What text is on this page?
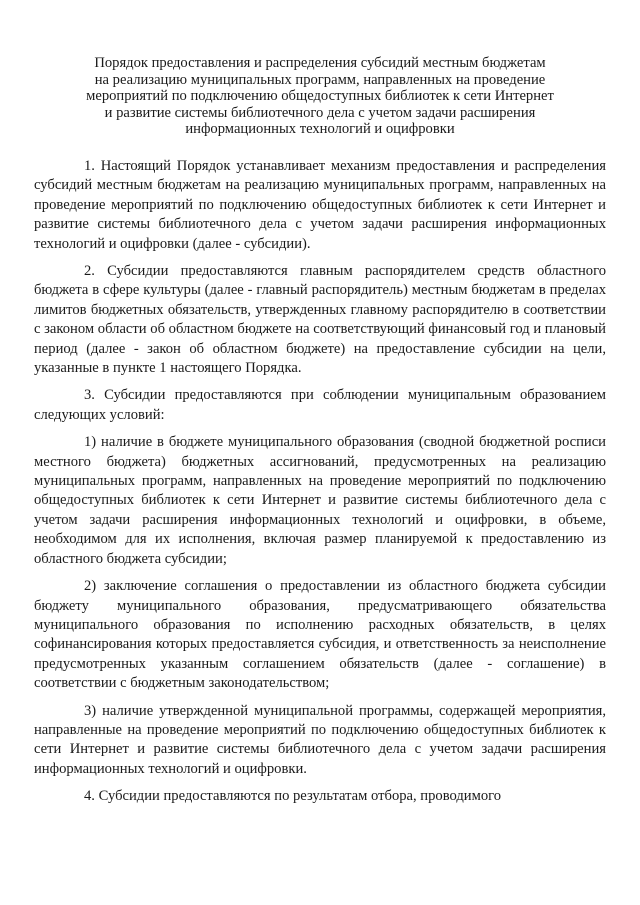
Порядок предоставления и распределения субсидий местным бюджетам
на реализацию муниципальных программ, направленных на проведение
мероприятий по подключению общедоступных библиотек к сети Интернет
и развитие системы библиотечного дела с учетом задачи расширения
информационных технологий и оцифровки

1. Настоящий Порядок устанавливает механизм предоставления и распределения субсидий местным бюджетам на реализацию муниципальных программ, направленных на проведение мероприятий по подключению общедоступных библиотек к сети Интернет и развитие системы библиотечного дела с учетом задачи расширения информационных технологий и оцифровки (далее - субсидии).

2. Субсидии предоставляются главным распорядителем средств областного бюджета в сфере культуры (далее - главный распорядитель) местным бюджетам в пределах лимитов бюджетных обязательств, утвержденных главному распорядителю в соответствии с законом области об областном бюджете на соответствующий финансовый год и плановый период (далее - закон об областном бюджете) на предоставление субсидии на цели, указанные в пункте 1 настоящего Порядка.

3. Субсидии предоставляются при соблюдении муниципальным образованием следующих условий:

1) наличие в бюджете муниципального образования (сводной бюджетной росписи местного бюджета) бюджетных ассигнований, предусмотренных на реализацию муниципальных программ, направленных на проведение мероприятий по подключению общедоступных библиотек к сети Интернет и развитие системы библиотечного дела с учетом задачи расширения информационных технологий и оцифровки, в объеме, необходимом для их исполнения, включая размер планируемой к предоставлению из областного бюджета субсидии;

2) заключение соглашения о предоставлении из областного бюджета субсидии бюджету муниципального образования, предусматривающего обязательства муниципального образования по исполнению расходных обязательств, в целях софинансирования которых предоставляется субсидия, и ответственность за неисполнение предусмотренных указанным соглашением обязательств (далее - соглашение) в соответствии с бюджетным законодательством;

3) наличие утвержденной муниципальной программы, содержащей мероприятия, направленные на проведение мероприятий по подключению общедоступных библиотек к сети Интернет и развитие системы библиотечного дела с учетом задачи расширения информационных технологий и оцифровки.

4. Субсидии предоставляются по результатам отбора, проводимого
